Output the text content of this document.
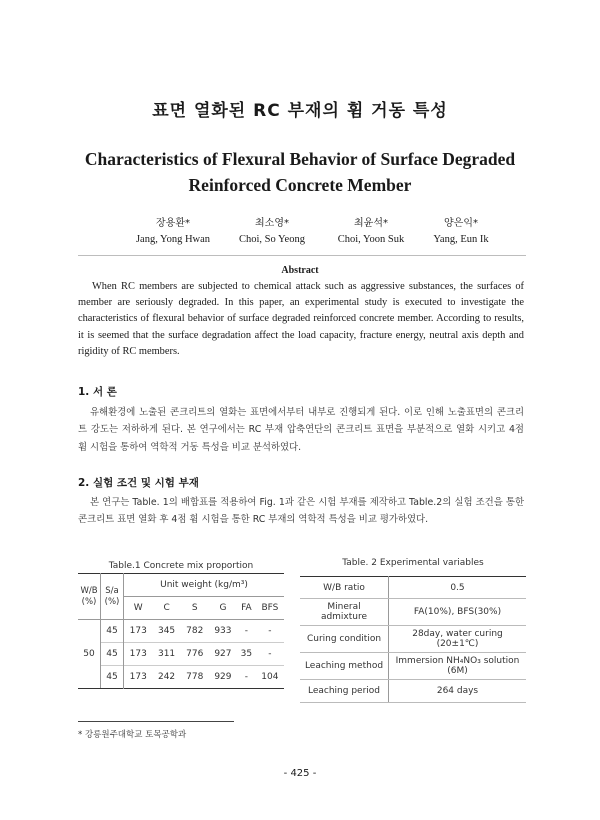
표면 열화된 RC 부재의 휨 거동 특성
Characteristics of Flexural Behavior of Surface Degraded Reinforced Concrete Member
장용환*
Jang, Yong Hwan
최소영*
Choi, So Yeong
최윤석*
Choi, Yoon Suk
양은익*
Yang, Eun Ik
Abstract
When RC members are subjected to chemical attack such as aggressive substances, the surfaces of member are seriously degraded. In this paper, an experimental study is executed to investigate the characteristics of flexural behavior of surface degraded reinforced concrete member. According to results, it is seemed that the surface degradation affect the load capacity, fracture energy, neutral axis depth and rigidity of RC members.
1. 서 론
유해환경에 노출된 콘크리트의 열화는 표면에서부터 내부로 진행되게 된다. 이로 인해 노출표면의 콘크리트 강도는 저하하게 된다. 본 연구에서는 RC 부재 압축연단의 콘크리트 표면을 부분적으로 열화 시키고 4점 휨 시험을 통하여 역학적 거동 특성을 비교 분석하였다.
2. 실험 조건 및 시험 부재
본 연구는 Table. 1의 배합표를 적용하여 Fig. 1과 같은 시험 부재를 제작하고 Table.2의 실험 조건을 통한 콘크리트 표면 열화 후 4점 휨 시험을 통한 RC 부재의 역학적 특성을 비교 평가하였다.
Table.1 Concrete mix proportion	Table. 2 Experimental variables
W/B (%)	S/a (%)	Unit weight (kg/m³)					
		W	C	S	G	FA	BFS
50	45	173	345	782	933	-	-
	45	173	311	776	927	35	-
	45	173	242	778	929	-	104
W/B ratio	0.5
Mineral admixture	FA(10%), BFS(30%)
Curing condition	28day, water curing (20±1℃)
Leaching method	Immersion NH₄NO₃ solution (6M)
Leaching period	264 days
* 강릉원주대학교 토목공학과
- 425 -
